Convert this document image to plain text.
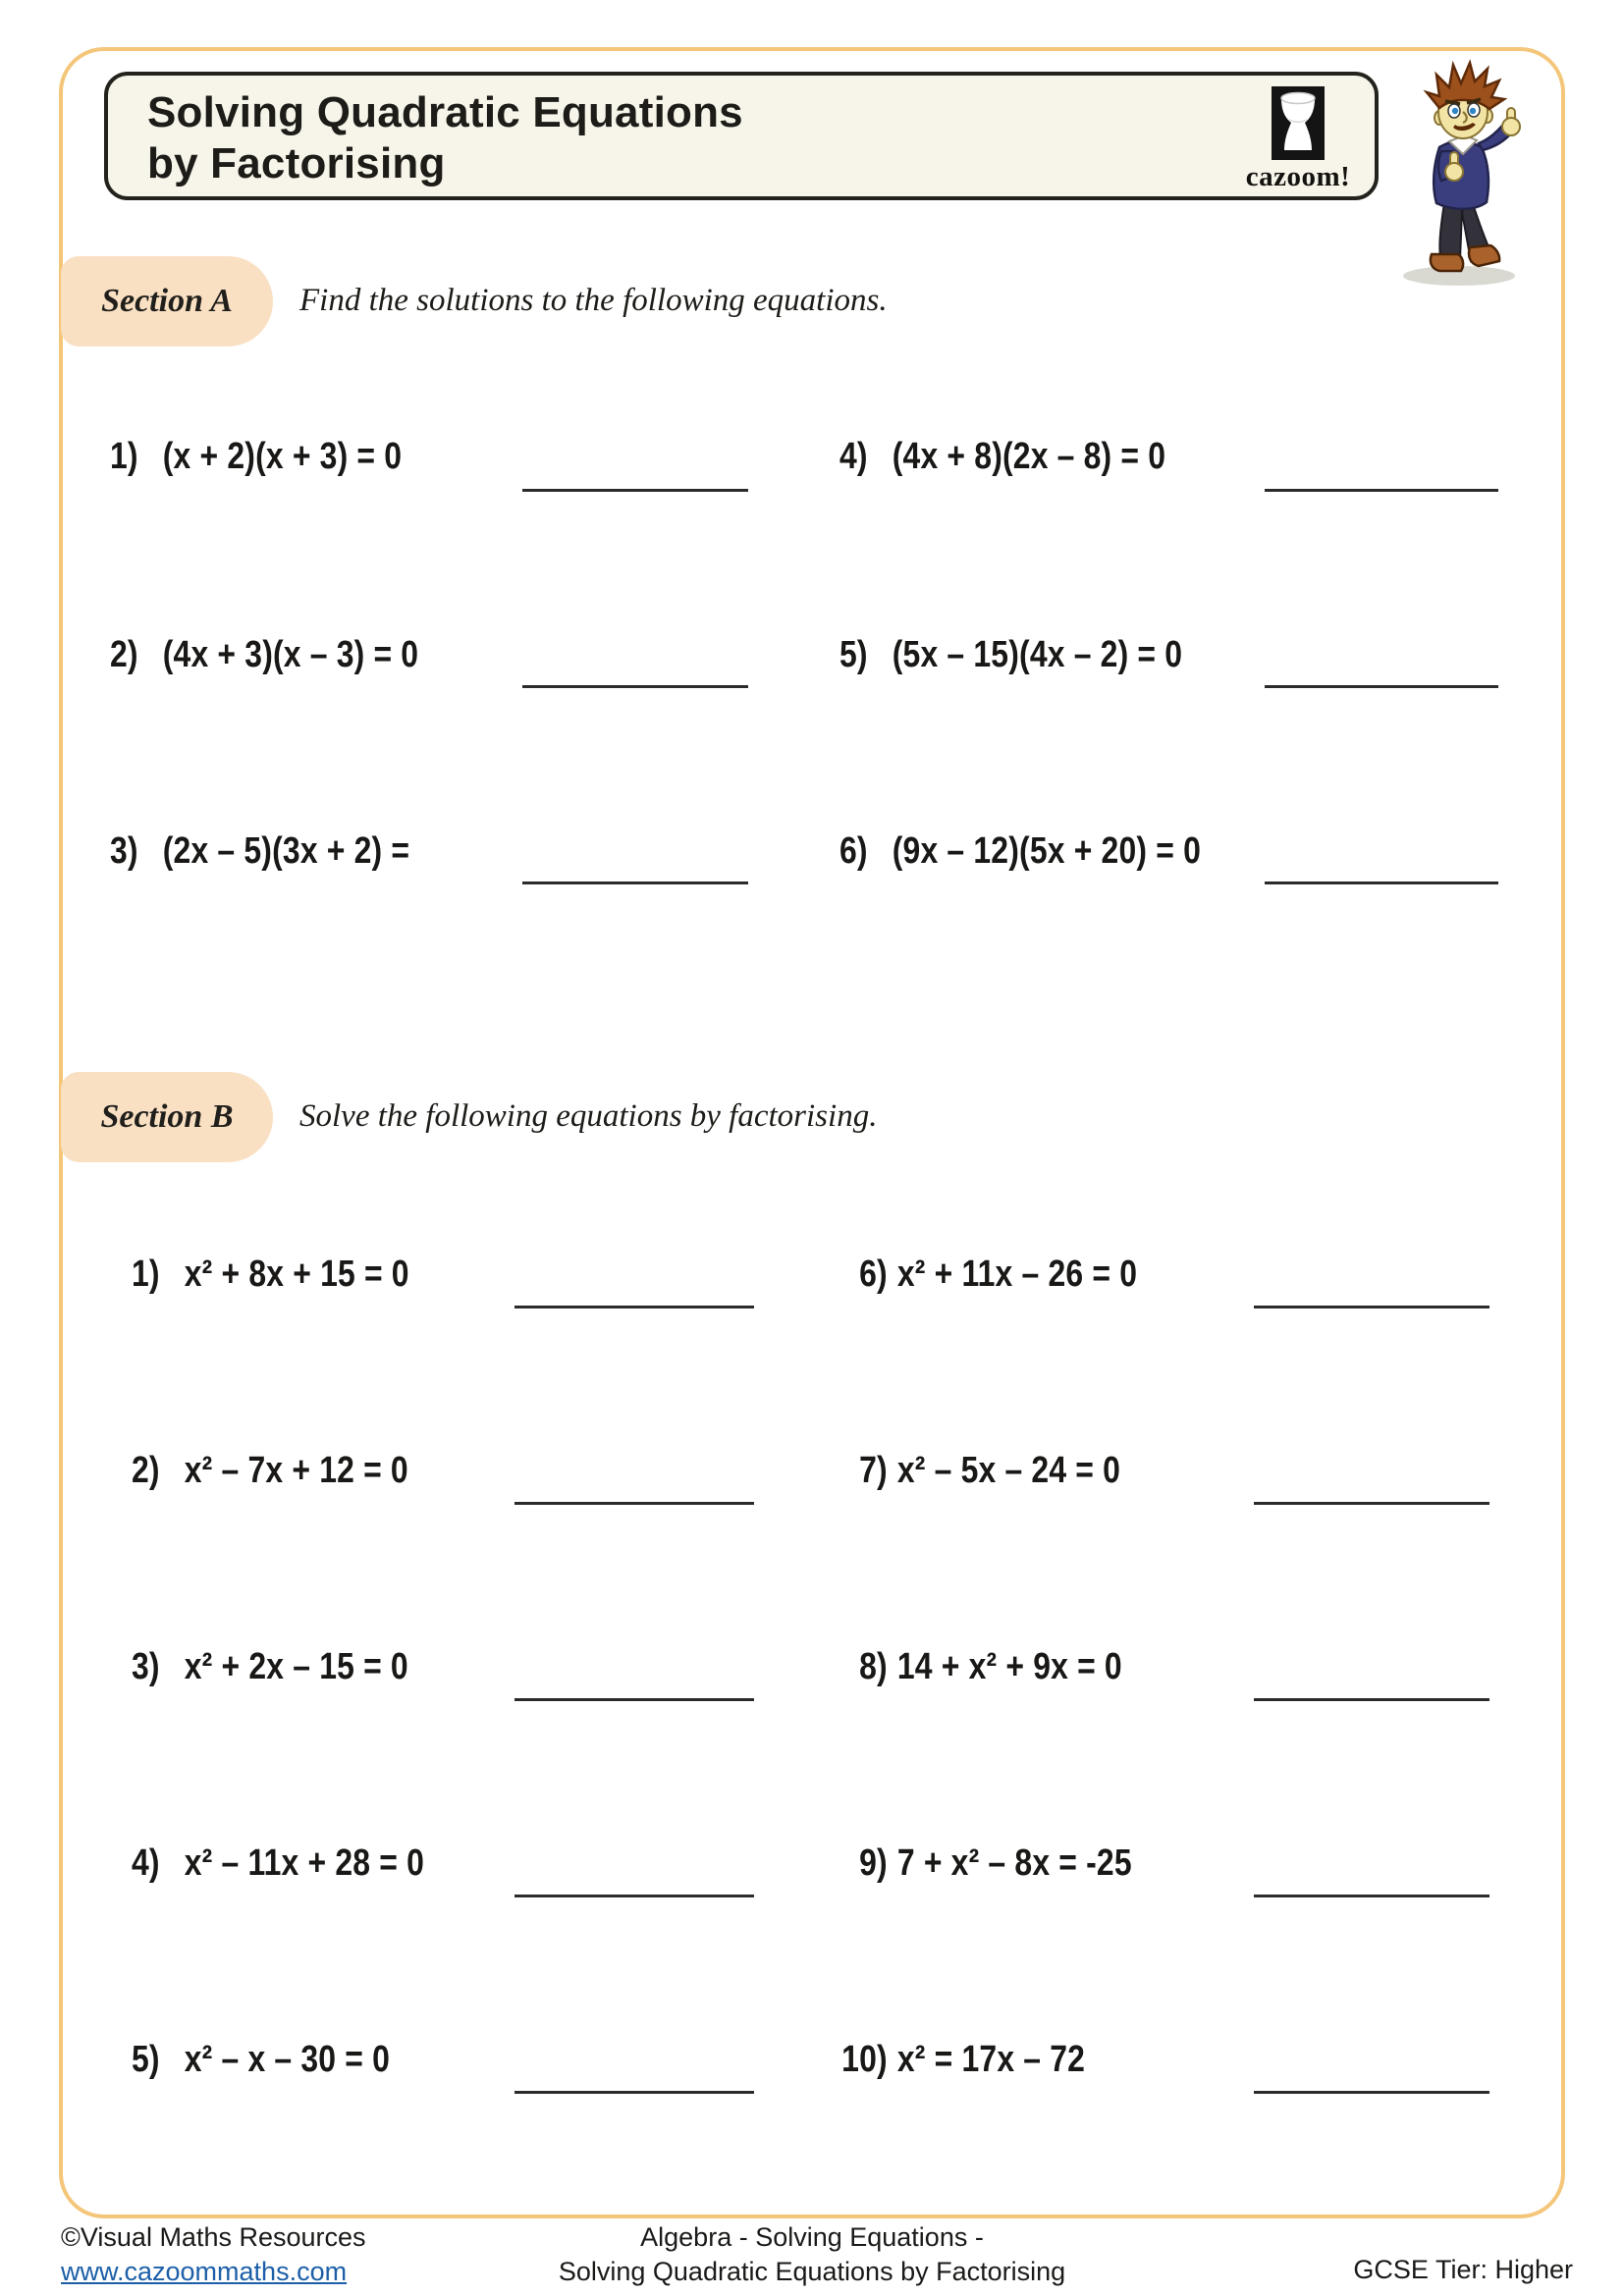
Solving Quadratic Equations
by Factorising	cazoom!
Section A Find the solutions to the following equations.
1) (x + 2)(x + 3) = 0
2) (4x + 3)(x – 3) = 0
3) (2x – 5)(3x + 2) =
4) (4x + 8)(2x – 8) = 0
5) (5x – 15)(4x – 2) = 0
6) (9x – 12)(5x + 20) = 0
Section B Solve the following equations by factorising.
1) x² + 8x + 15 = 0
2) x² – 7x + 12 = 0
3) x² + 2x – 15 = 0
4) x² – 11x + 28 = 0
5) x² – x – 30 = 0
6) x² + 11x – 26 = 0
7) x² – 5x – 24 = 0
8) 14 + x² + 9x = 0
9) 7 + x² – 8x = -25
10) x² = 17x – 72
©Visual Maths Resources
www.cazoommaths.com
Algebra - Solving Equations -
Solving Quadratic Equations by Factorising	GCSE Tier: Higher
